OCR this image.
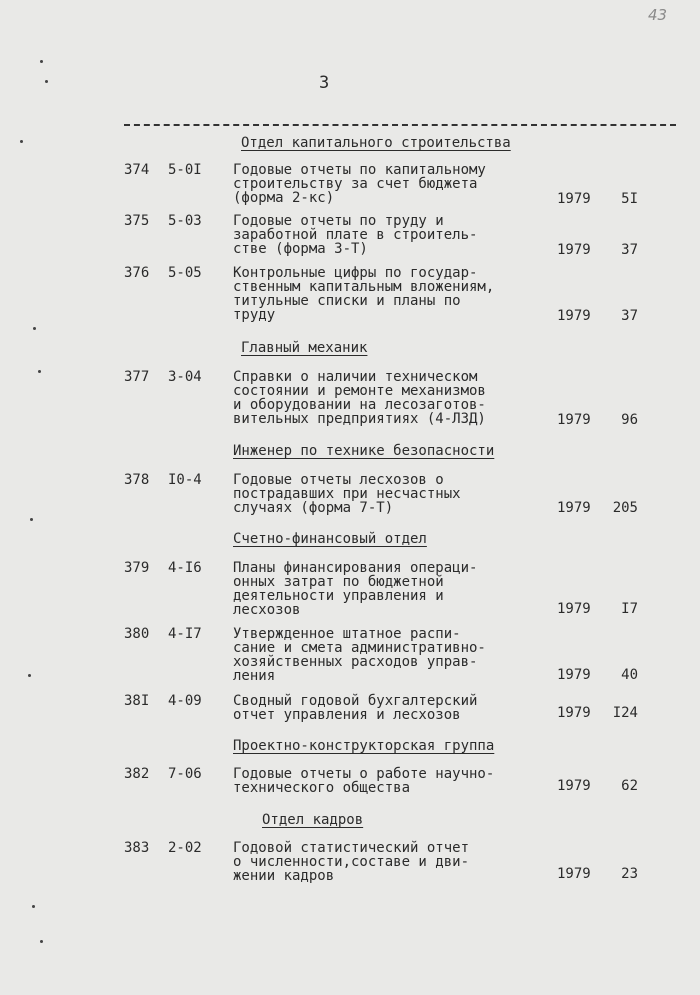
43
3
Отдел капитального строительства
374 5-0I Годовые отчеты по капитальному
строительству за счет бюджета
(форма 2-кс)	1979 5I
375 5-03 Годовые отчеты по труду и
заработной плате в строитель-
стве (форма 3-Т)	1979 37
376 5-05 Контрольные цифры по государ-
ственным капитальным вложениям,
титульные списки и планы по
труду	1979 37
Главный механик
377 3-04 Справки о наличии техническом
состоянии и ремонте механизмов
и оборудовании на лесозаготов-
вительных предприятиях (4-ЛЗД)	1979 96
Инженер по технике безопасности
378 I0-4 Годовые отчеты лесхозов о
пострадавших при несчастных
случаях (форма 7-Т)	1979 205
Счетно-финансовый отдел
379 4-I6 Планы финансирования операци-
онных затрат по бюджетной
деятельности управления и
лесхозов	1979 I7
380 4-I7 Утвержденное штатное распи-
сание и смета административно-
хозяйственных расходов управ-
ления	1979 40
38I 4-09 Сводный годовой бухгалтерский
отчет управления и лесхозов	1979 I24
Проектно-конструкторская группа
382 7-06 Годовые отчеты о работе научно-
технического общества	1979 62
Отдел кадров
383 2-02 Годовой статистический отчет
о численности,составе и дви-
жении кадров	1979 23
